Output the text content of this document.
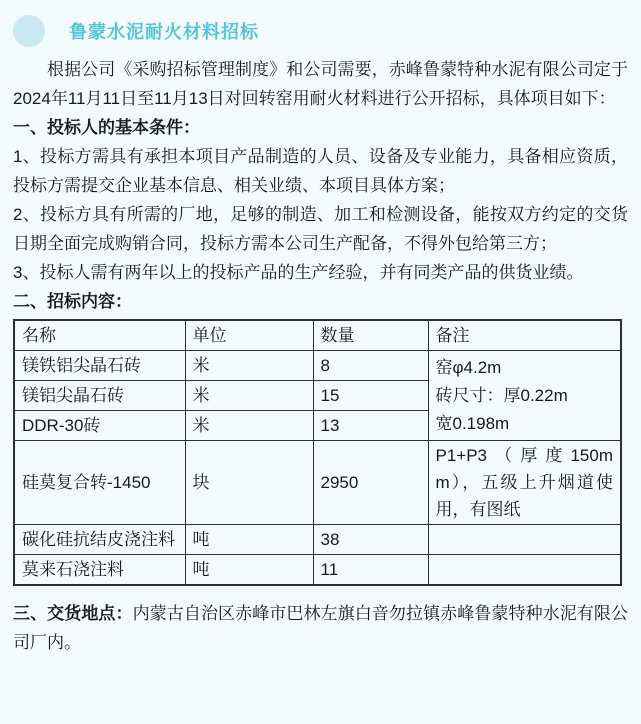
鲁蒙水泥耐火材料招标

根据公司《采购招标管理制度》和公司需要，赤峰鲁蒙特种水泥有限公司定于2024年11月11日至11月13日对回转窑用耐火材料进行公开招标，具体项目如下：

一、投标人的基本条件：

1、投标方需具有承担本项目产品制造的人员、设备及专业能力，具备相应资质，投标方需提交企业基本信息、相关业绩、本项目具体方案；

2、投标方具有所需的厂地，足够的制造、加工和检测设备，能按双方约定的交货日期全面完成购销合同，投标方需本公司生产配备，不得外包给第三方；

3、投标人需有两年以上的投标产品的生产经验，并有同类产品的供货业绩。

二、招标内容：

名称	单位	数量	备注
镁铁铝尖晶石砖	米	8	窑φ4.2m
砖尺寸：厚0.22m
宽0.198m

镁铝尖晶石砖	米	15	
DDR-30砖	米	13	
硅莫复合转-1450	块	2950	P1+P3（厚度150mm），五级上升烟道使用，有图纸
碳化硅抗结皮浇注料	吨	38	
莫来石浇注料	吨	11	

三、交货地点：内蒙古自治区赤峰市巴林左旗白音勿拉镇赤峰鲁蒙特种水泥有限公司厂内。
